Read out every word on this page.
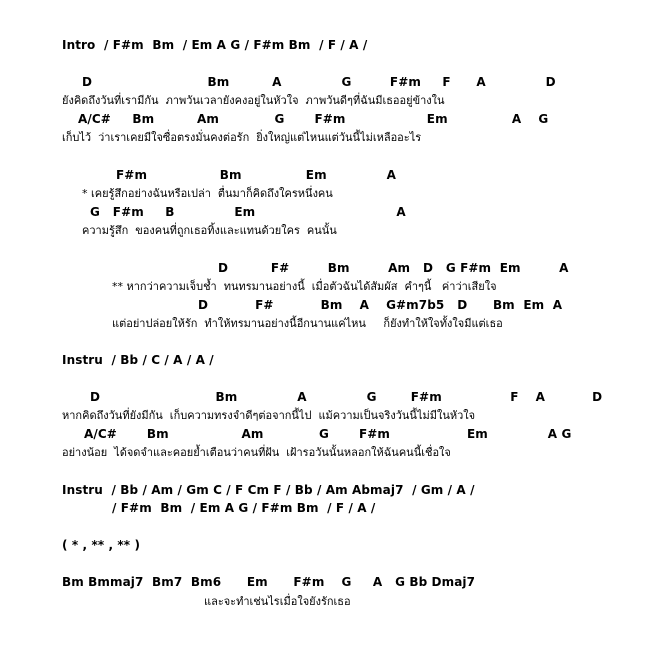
Intro  / F#m  Bm  / Em A G / F#m Bm  / F / A /
D                           Bm          A              G         F#m     F      A              D
ยังคิดถึงวันที่เรามีกัน  ภาพวันเวลายังคงอยู่ในหัวใจ  ภาพวันดีๆที่ฉันมีเธออยู่ข้างใน
A/C#     Bm          Am             G       F#m                   Em               A    G
เก็บไว้  ว่าเราเคยมีใจซื่อตรงมั่นคงต่อรัก  ยิ่งใหญ่แต่ไหนแต่วันนี้ไม่เหลืออะไร
F#m                 Bm               Em              A
* เคยรู้สึกอย่างฉันหรือเปล่า  ตื่นมาก็คิดถึงใครหนึ่งคน
G   F#m     B              Em                                 A
ความรู้สึก  ของคนที่ถูกเธอทิ้งและแทนด้วยใคร  คนนั้น
D          F#         Bm         Am   D   G F#m  Em         A
** หากว่าความเจ็บช้ำ  ทนทรมานอย่างนี้  เมื่อตัวฉันได้สัมผัส  คำๆนี้   ค่าว่าเสียใจ
D           F#           Bm    A    G#m7b5   D      Bm  Em  A
แต่อย่าปล่อยให้รัก  ทำให้ทรมานอย่างนี้อีกนานแค่ไหน     ก็ยังทำให้ใจทั้งใจมีแต่เธอ
Instru  / Bb / C / A / A /
D                           Bm              A              G        F#m                F    A           D
หากคิดถึงวันที่ยังมีกัน  เก็บความทรงจำดีๆต่อจากนี้ไป  แม้ความเป็นจริงวันนี้ไม่มีในหัวใจ
A/C#       Bm                 Am             G       F#m                  Em              A G
อย่างน้อย  ได้จดจำและคอยย้ำเตือนว่าคนที่ฝัน  เฝ้ารอวันนั้นหลอกให้ฉันคนนี้เชื่อใจ
Instru  / Bb / Am / Gm C / F Cm F / Bb / Am Abmaj7  / Gm / A /
/ F#m  Bm  / Em A G / F#m Bm  / F / A /
( * , ** , ** )
Bm Bmmaj7  Bm7  Bm6      Em      F#m    G     A   G Bb Dmaj7
และจะทำเช่นไรเมื่อใจยังรักเธอ
